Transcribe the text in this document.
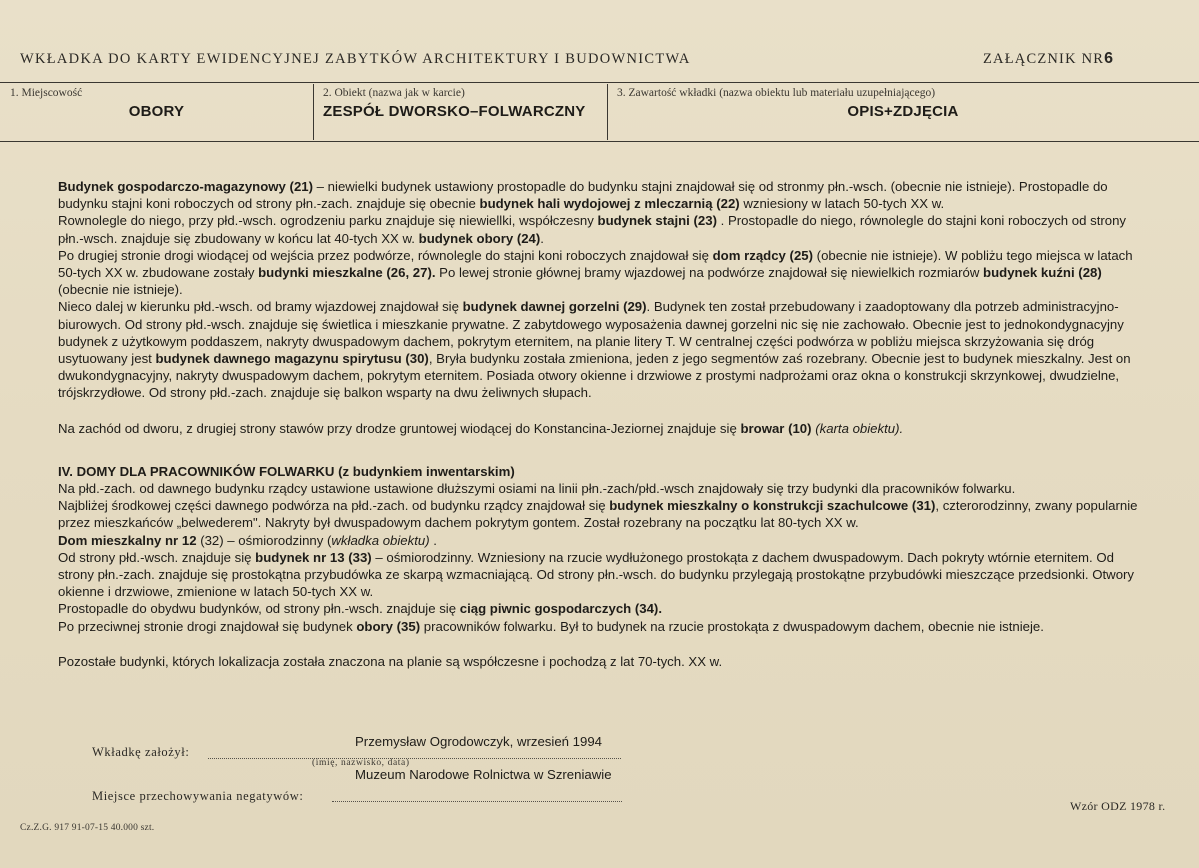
WKŁADKA DO KARTY EWIDENCYJNEJ ZABYTKÓW ARCHITEKTURY I BUDOWNICTWA	ZAŁĄCZNIK NR6
1. Miejscowość
OBORY
2. Obiekt (nazwa jak w karcie)
ZESPÓŁ DWORSKO–FOLWARCZNY
3. Zawartość wkładki (nazwa obiektu lub materiału uzupełniającego)
OPIS+ZDJĘCIA

Budynek gospodarczo-magazynowy (21) – niewielki budynek ustawiony prostopadle do budynku stajni znajdował się od stronmy płn.-wsch. (obecnie nie istnieje). Prostopadle do budynku stajni koni roboczych od strony płn.-zach. znajduje się obecnie budynek hali wydojowej z mleczarnią (22) wzniesiony w latach 50-tych XX w.

Rownolegle do niego, przy płd.-wsch. ogrodzeniu parku znajduje się niewiellki, współczesny budynek stajni (23) . Prostopadle do niego, równolegle do stajni koni roboczych od strony płn.-wsch. znajduje się zbudowany w końcu lat 40-tych XX w. budynek obory (24).

Po drugiej stronie drogi wiodącej od wejścia przez podwórze, równolegle do stajni koni roboczych znajdował się dom rządcy (25) (obecnie nie istnieje). W pobliżu tego miejsca w latach 50-tych XX w. zbudowane zostały budynki mieszkalne (26, 27). Po lewej stronie głównej bramy wjazdowej na podwórze znajdował się niewielkich rozmiarów budynek kuźni (28) (obecnie nie istnieje).

Nieco dalej w kierunku płd.-wsch. od bramy wjazdowej znajdował się budynek dawnej gorzelni (29). Budynek ten został przebudowany i zaadoptowany dla potrzeb administracyjno-biurowych. Od strony płd.-wsch. znajduje się świetlica i mieszkanie prywatne. Z zabytdowego wyposażenia dawnej gorzelni nic się nie zachowało. Obecnie jest to jednokondygnacyjny budynek z użytkowym poddaszem, nakryty dwuspadowym dachem, pokrytym eternitem, na planie litery T. W centralnej części podwórza w pobliżu miejsca skrzyżowania się dróg usytuowany jest budynek dawnego magazynu spirytusu (30), Bryła budynku została zmieniona, jeden z jego segmentów zaś rozebrany. Obecnie jest to budynek mieszkalny. Jest on dwukondygnacyjny, nakryty dwuspadowym dachem, pokrytym eternitem. Posiada otwory okienne i drzwiowe z prostymi nadprożami oraz okna o konstrukcji skrzynkowej, dwudzielne, trójskrzydłowe. Od strony płd.-zach. znajduje się balkon wsparty na dwu żeliwnych słupach.

Na zachód od dworu, z drugiej strony stawów przy drodze gruntowej wiodącej do Konstancina-Jeziornej znajduje się browar (10) (karta obiektu).

IV. DOMY DLA PRACOWNIKÓW FOLWARKU (z budynkiem inwentarskim)

Na płd.-zach. od dawnego budynku rządcy ustawione ustawione dłuższymi osiami na linii płn.-zach/płd.-wsch znajdowały się trzy budynki dla pracowników folwarku.

Najbliżej środkowej części dawnego podwórza na płd.-zach. od budynku rządcy znajdował się budynek mieszkalny o konstrukcji szachulcowe (31), czterorodzinny, zwany popularnie przez mieszkańców „belwederem". Nakryty był dwuspadowym dachem pokrytym gontem. Został rozebrany na początku lat 80-tych XX w.

Dom mieszkalny nr 12 (32) – ośmiorodzinny (wkładka obiektu) .

Od strony płd.-wsch. znajduje się budynek nr 13 (33) – ośmiorodzinny. Wzniesiony na rzucie wydłużonego prostokąta z dachem dwuspadowym. Dach pokryty wtórnie eternitem. Od strony płn.-zach. znajduje się prostokątna przybudówka ze skarpą wzmacniającą. Od strony płn.-wsch. do budynku przylegają prostokątne przybudówki mieszczące przedsionki. Otwory okienne i drzwiowe, zmienione w latach 50-tych XX w.

Prostopadle do obydwu budynków, od strony płn.-wsch. znajduje się ciąg piwnic gospodarczych (34).

Po przeciwnej stronie drogi znajdował się budynek obory (35) pracowników folwarku. Był to budynek na rzucie prostokąta z dwuspadowym dachem, obecnie nie istnieje.

Pozostałe budynki, których lokalizacja została znaczona na planie są współczesne i pochodzą z lat 70-tych. XX w.

Wkładkę założył:
Przemysław Ogrodowczyk, wrzesień 1994
(imię, nazwisko, data)
Muzeum Narodowe Rolnictwa w Szreniawie
Miejsce przechowywania negatywów:
Wzór ODZ 1978 r.
Cz.Z.G. 917 91-07-15 40.000 szt.
